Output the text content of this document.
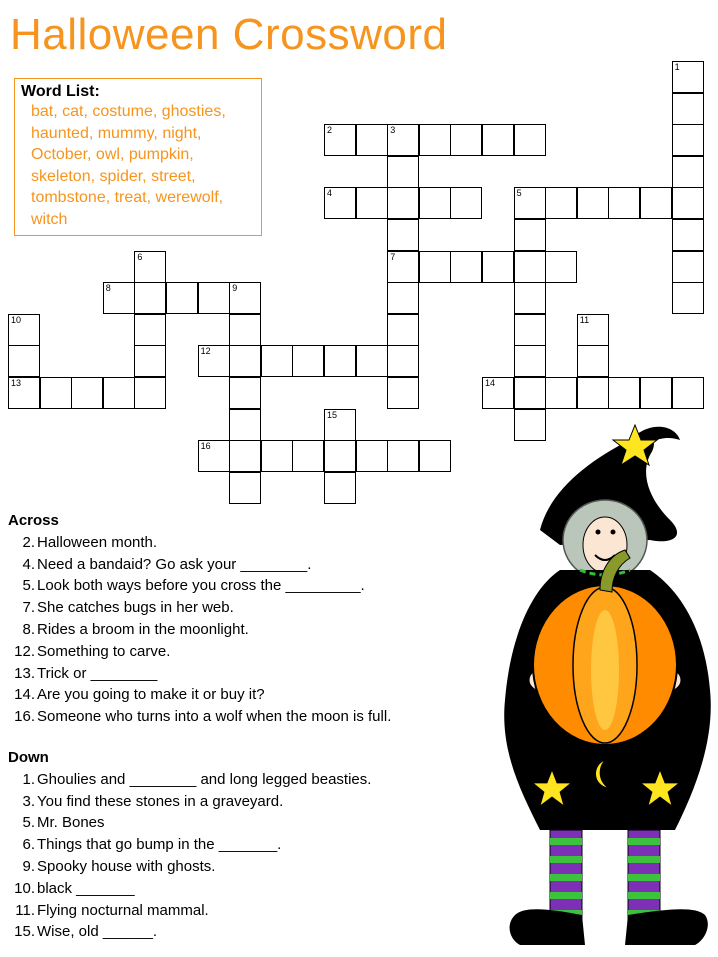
Halloween Crossword
Word List:
bat, cat, costume, ghosties,
haunted, mummy, night,
October, owl, pumpkin,
skeleton, spider, street,
tombstone, treat, werewolf,
witch
2	3
4	5
7
8	9
12
13	14
16
1
6
10	11
15
Across
2. Halloween month.
4. Need a bandaid? Go ask your ________.
5. Look both ways before you cross the _________.
7. She catches bugs in her web.
8. Rides a broom in the moonlight.
12. Something to carve.
13. Trick or ________
14. Are you going to make it or buy it?
16. Someone who turns into a wolf when the moon is full.
Down
1. Ghoulies and ________ and long legged beasties.
3. You find these stones in a graveyard.
5. Mr. Bones
6. Things that go bump in the _______.
9. Spooky house with ghosts.
10. black _______
11. Flying nocturnal mammal.
15. Wise, old ______.
